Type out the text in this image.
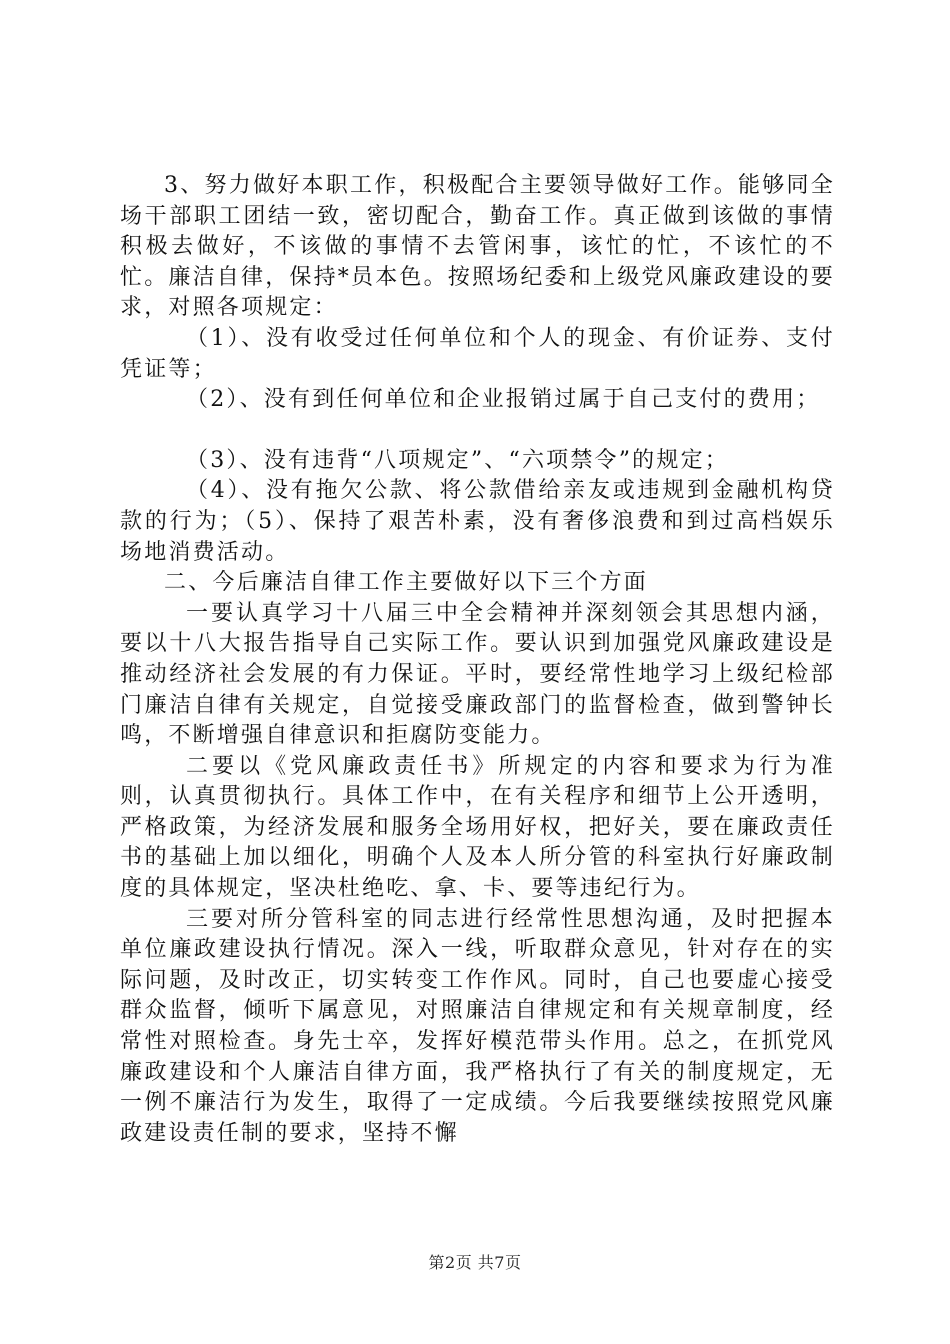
3、努力做好本职工作，积极配合主要领导做好工作。能够同全场干部职工团结一致，密切配合，勤奋工作。真正做到该做的事情积极去做好，不该做的事情不去管闲事，该忙的忙，不该忙的不忙。廉洁自律，保持*员本色。按照场纪委和上级党风廉政建设的要求，对照各项规定：

（1）、没有收受过任何单位和个人的现金、有价证券、支付凭证等；

（2）、没有到任何单位和企业报销过属于自己支付的费用；

（3）、没有违背“八项规定”、“六项禁令”的规定；

（4）、没有拖欠公款、将公款借给亲友或违规到金融机构贷款的行为；（5）、保持了艰苦朴素，没有奢侈浪费和到过高档娱乐场地消费活动。

二、今后廉洁自律工作主要做好以下三个方面

一要认真学习十八届三中全会精神并深刻领会其思想内涵，要以十八大报告指导自己实际工作。要认识到加强党风廉政建设是推动经济社会发展的有力保证。平时，要经常性地学习上级纪检部门廉洁自律有关规定，自觉接受廉政部门的监督检查，做到警钟长鸣，不断增强自律意识和拒腐防变能力。

二要以《党风廉政责任书》所规定的内容和要求为行为准则，认真贯彻执行。具体工作中，在有关程序和细节上公开透明，严格政策，为经济发展和服务全场用好权，把好关，要在廉政责任书的基础上加以细化，明确个人及本人所分管的科室执行好廉政制度的具体规定，坚决杜绝吃、拿、卡、要等违纪行为。

三要对所分管科室的同志进行经常性思想沟通，及时把握本单位廉政建设执行情况。深入一线，听取群众意见，针对存在的实际问题，及时改正，切实转变工作作风。同时，自己也要虚心接受群众监督，倾听下属意见，对照廉洁自律规定和有关规章制度，经常性对照检查。身先士卒，发挥好模范带头作用。总之，在抓党风廉政建设和个人廉洁自律方面，我严格执行了有关的制度规定，无一例不廉洁行为发生，取得了一定成绩。今后我要继续按照党风廉政建设责任制的要求，坚持不懈

第2页 共7页
